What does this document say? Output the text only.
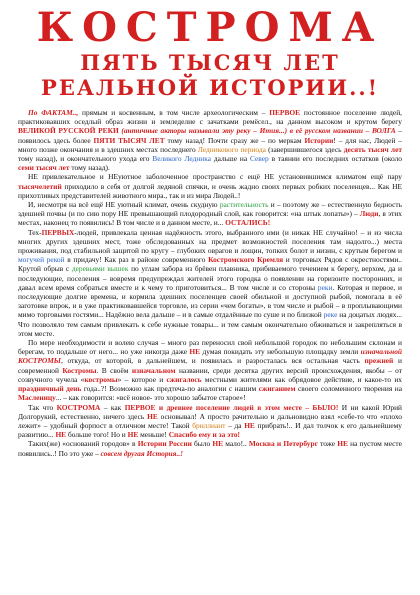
КОСТРОМА
ПЯТЬ ТЫСЯЧ ЛЕТ
РЕАЛЬНОЙ ИСТОРИИ..!

По ФАКТАМ.., прямым и косвенным, в том числе археологическим – ПЕРВОЕ постоянное поселение людей, практиковавших оседлый образ жизни и земледелие с зачатками ремёсел., на данном высоком и крутом берегу ВЕЛИКОЙ РУССКОЙ РЕКИ (античные акторы называли эту реку – Ития...) в её русском названии – ВОЛГА – появилось здесь более ПЯТИ ТЫСЯЧ ЛЕТ тому назад! Почти сразу же – по меркам Истории! – для нас, Людей – много позже окончания и в здешних местах последнего Ледникового периода (завершившегося здесь десять тысяч лет тому назад), и окончательного ухода его Великого Ледника дальше на Север в таянии его последних остатков (около семи тысяч лет тому назад).

НЕ привлекательное и НЕуютное заболоченное пространство с ещё НЕ установившимся климатом ещё пару тысячелетий приходило в себя от долгой ледяной спячки, и очень жадно своих первых робких поселенцев... Как НЕ прихотливых представителей животного мира., так и из мира Людей..!

И, несмотря на всё ещё НЕ уютный климат, очень скудную растительность и – поэтому же – естественную бедность здешней почвы (и по сию пору НЕ превышающий плодородный слой, как говорится: «на штык лопаты») – Люди, в этих местах, наконец то появились! В том числе и в данном месте, и... ОСТАЛИСЬ!

Тех-ПЕРВЫХ-людей, привлекала ценная надёжность этого, выбранного ими (и никак НЕ случайно! – и из числа многих других здешних мест, тоже обследованных на предмет возможностей поселения там надолго...) места проживания, под стабильной защитой по кругу – глубоких оврагов и лощин, топких болот и низин, с крутым берегом и могучей рекой в придачу! Как раз в районе современного Костромского Кремля и торговых Рядов с окрестностями.. Крутой обрыв с деревьями вышек по углам забора из брёвен плавника, прибиваемого течением к берегу, верхом, да и последующие, поселения – вовремя предупреждал жителей этого городка о появлении на горизонте посторонних, и давал всем время собраться вместе и к чему то приготовиться... В том числе и со стороны реки. Которая и первое, и последующие долгие времена, и кормила здешних поселенцев своей обильной и доступной рыбой, помогала в её заготовке впрок, и в уже практиковавшейся торговле, из серии «чем богаты», в том числе и рыбой – в проплывающими мимо торговыми гостями... Надёжно вела дальше – и в самые отдалённые по суше и по близкой реке на доцатых людях... Что позволяло тем самым привлекать к себе нужные товары... и тем самым окончательно обживаться и закрепляться в этом месте.

По мере необходимости и волею случая – много раз переносил свой небольшой городок по небольшим склонам и берегам, то подальше от него... но уже никогда даже НЕ думая покидать эту небольшую площадку земли изначальной КОСТРОМЫ, откуда, от которой, в дальнейшем, и появилась и разросталась вся остальная часть прежней и современной Костромы. В своём изначальном названии, среди десятка других версий происхождения, якобы – от созвучного чучела «костромы» – которое и сжигалось местными жителями как обрядовое действие, и какое-то их праздничный день года..?! Возможно как предтеча-по аналогии с нашим сжиганием своего соломенного творения на Масленицу... – как говорится: «всё новое- это хорошо забытое старое»!

Так что КОСТРОМА – как ПЕРВОЕ и древнее поселение людей в этом месте – БЫЛО! И ни какой Юрий Долгорукий, естественно, ничего здесь НЕ основывал! А просто рачительно и дальновидно взял «себе-то что «плохо лежит» – удобный форпост в отличном месте! Такой бриллиант – да НЕ прибрать!.. И дал толчок к его дальнейшему развитию... НЕ больше того! Но и НЕ меньше! Спасибо ему и за это!

Таких(же) «оснований городов» в Истории России было НЕ мало!.. Москва и Петербург тоже НЕ на пустом месте появились..! По это уже – совсем другая История..!
